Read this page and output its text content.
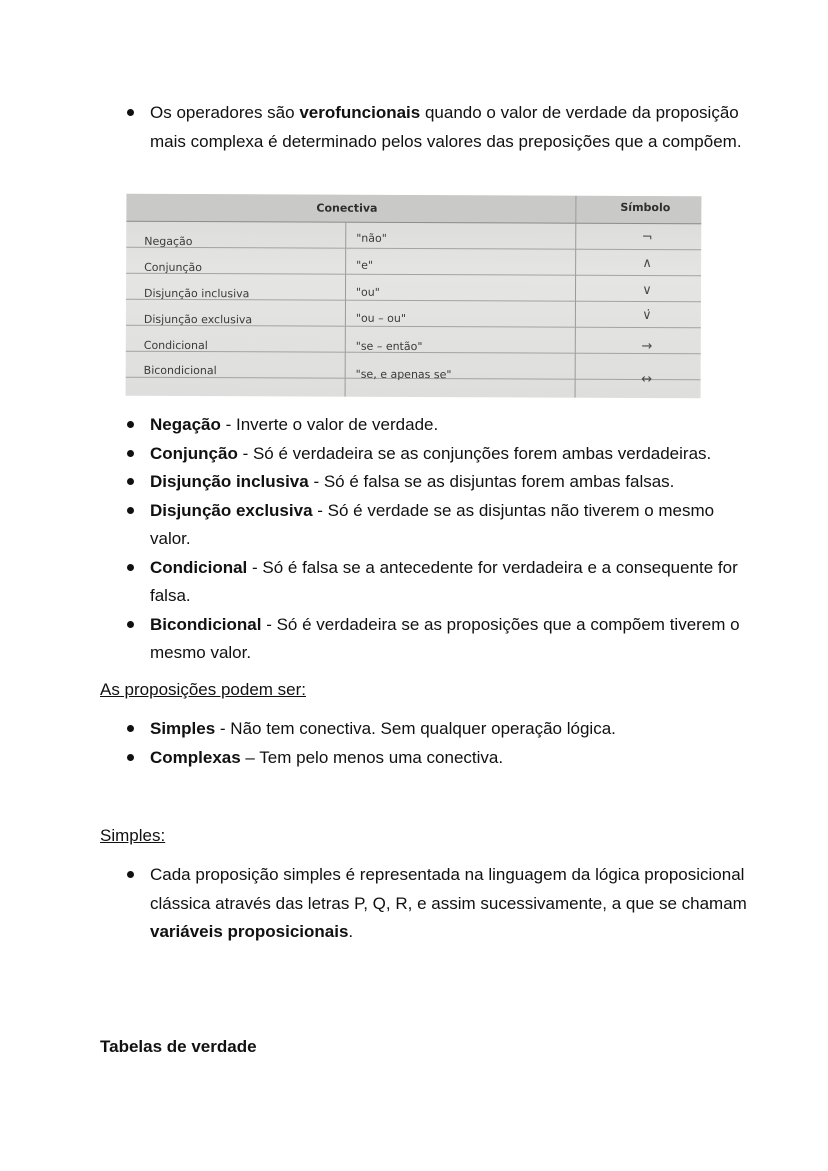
Os operadores são verofuncionais quando o valor de verdade da proposição mais complexa é determinado pelos valores das preposições que a compõem.
Conectiva	Símbolo
Negação	"não"	¬
Conjunção	"e"	∧
Disjunção inclusiva	"ou"	∨
Disjunção exclusiva	"ou – ou"	∨̇
Condicional	"se – então"	→
Bicondicional	"se, e apenas se"	↔
Negação - Inverte o valor de verdade.
Conjunção - Só é verdadeira se as conjunções forem ambas verdadeiras.
Disjunção inclusiva - Só é falsa se as disjuntas forem ambas falsas.
Disjunção exclusiva - Só é verdade se as disjuntas não tiverem o mesmo valor.
Condicional - Só é falsa se a antecedente for verdadeira e a consequente for falsa.
Bicondicional - Só é verdadeira se as proposições que a compõem tiverem o mesmo valor.
As proposições podem ser:
Simples - Não tem conectiva. Sem qualquer operação lógica.
Complexas – Tem pelo menos uma conectiva.
Simples:
Cada proposição simples é representada na linguagem da lógica proposicional clássica através das letras P, Q, R, e assim sucessivamente, a que se chamam variáveis proposicionais.
Tabelas de verdade
